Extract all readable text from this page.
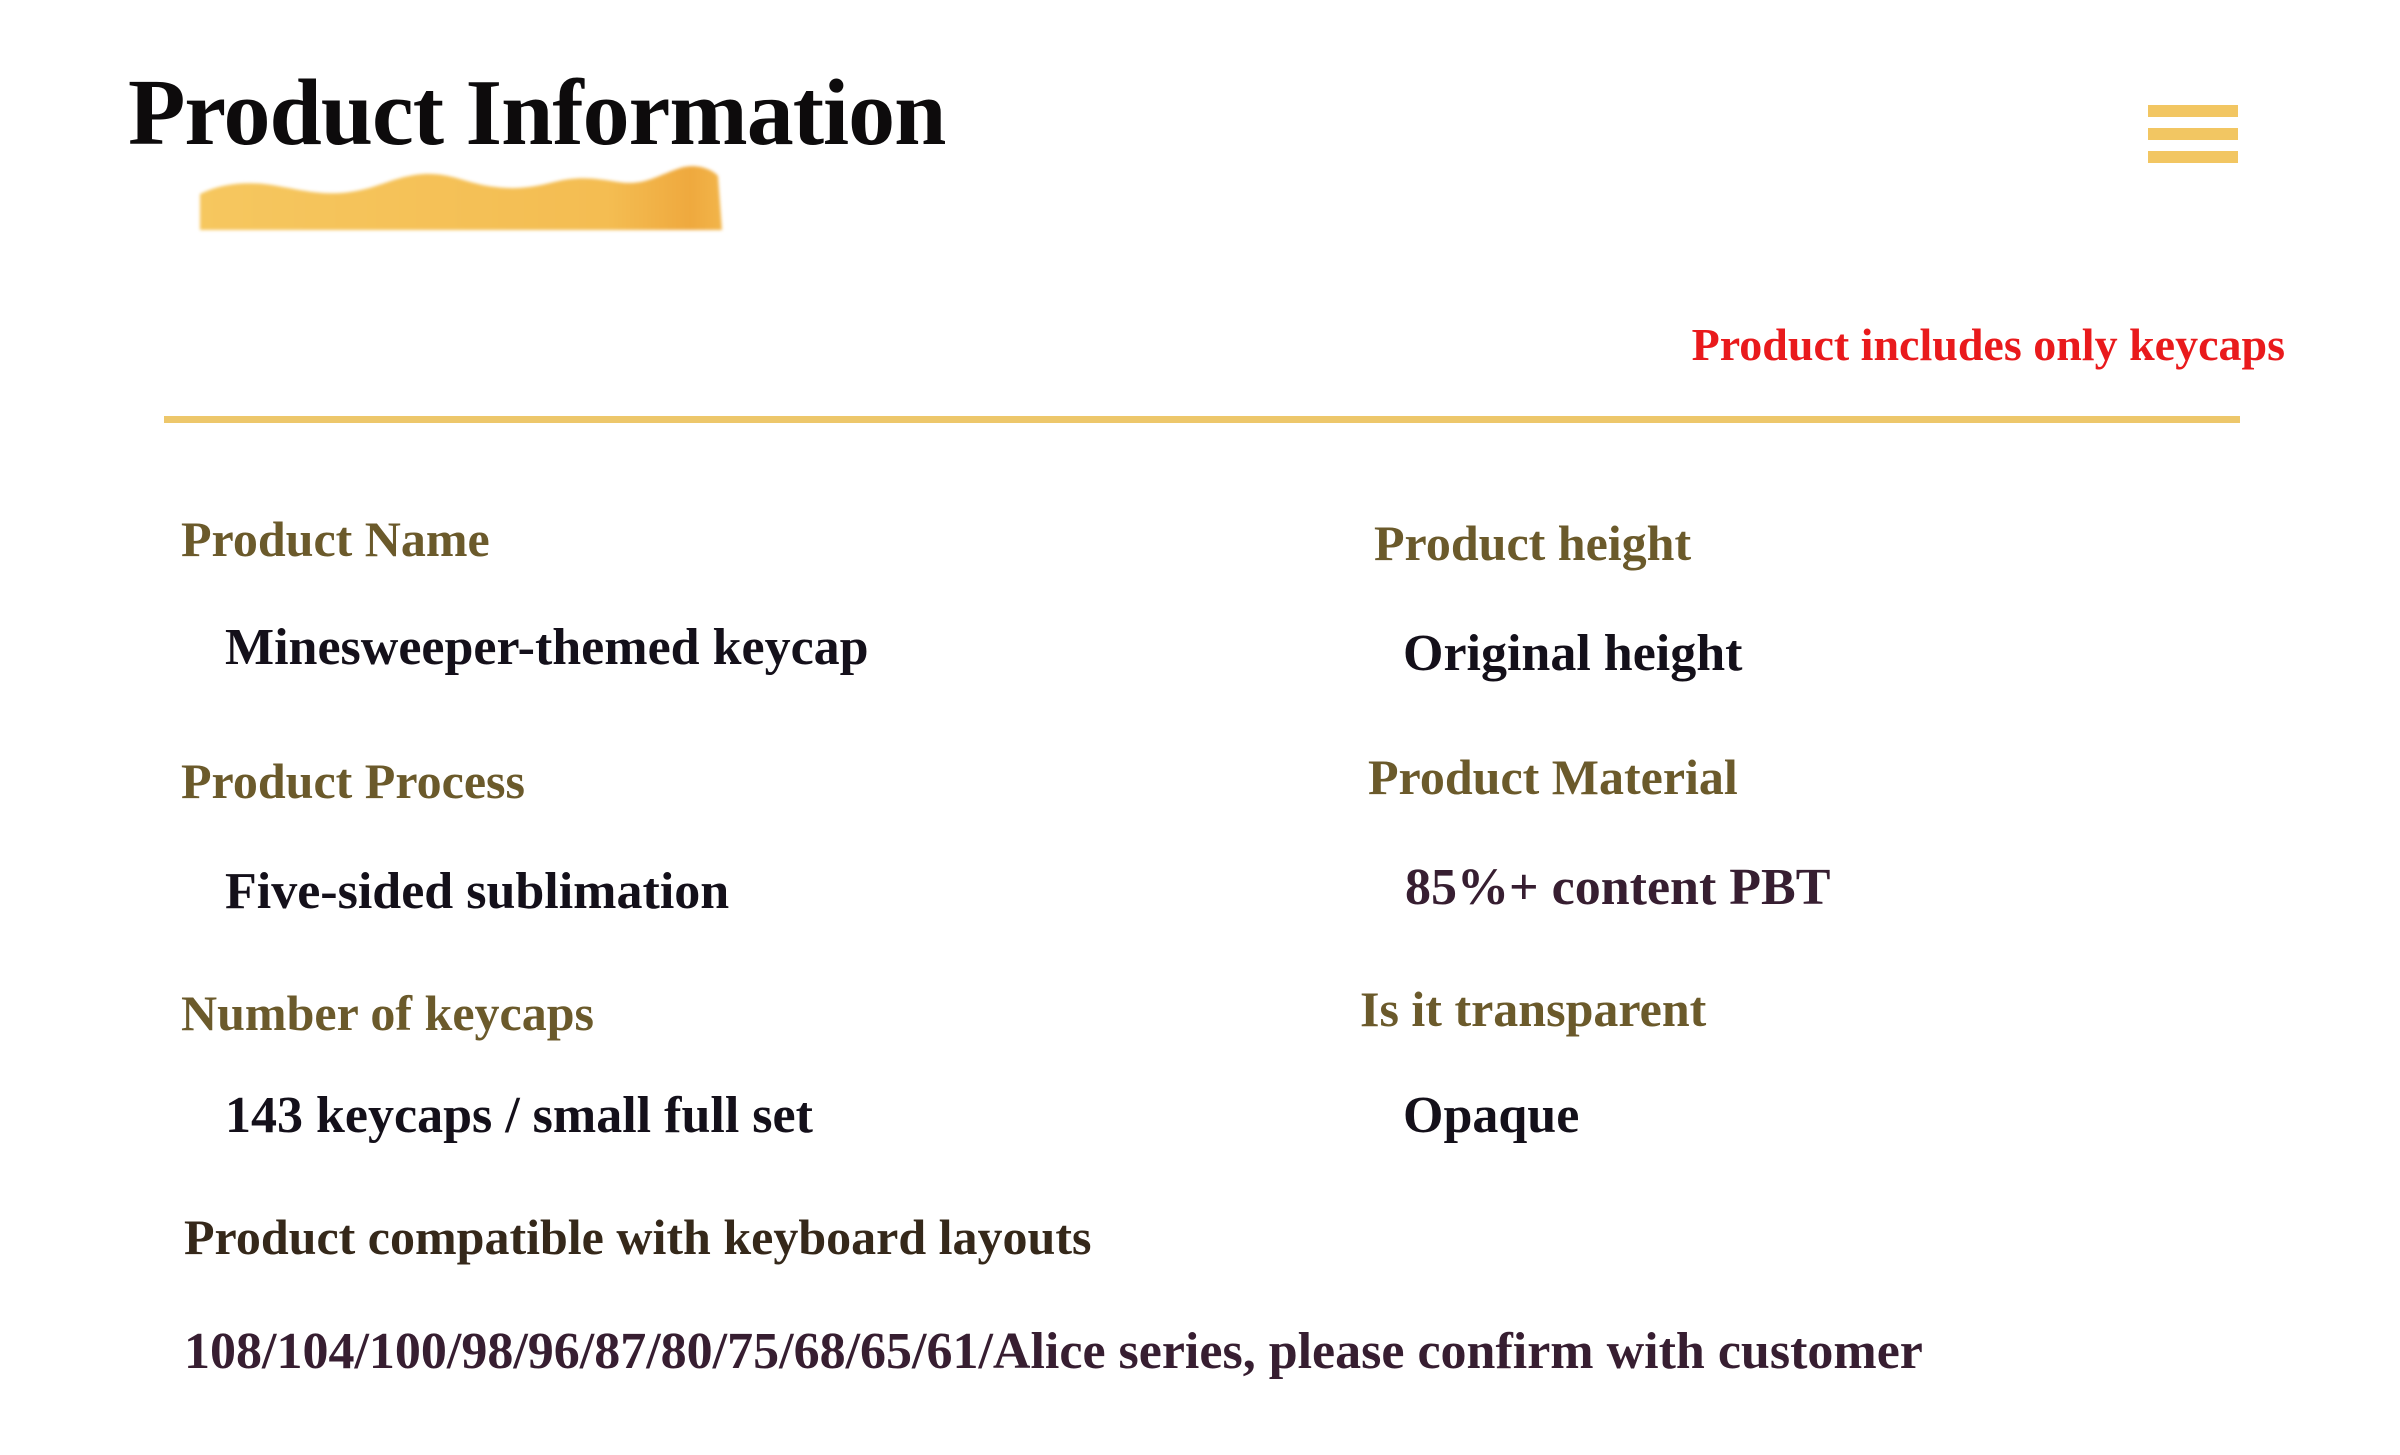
Product Information
Product includes only keycaps
Product Name
Minesweeper-themed keycap
Product Process
Five-sided sublimation
Number of keycaps
143 keycaps / small full set
Product compatible with keyboard layouts
108/104/100/98/96/87/80/75/68/65/61/Alice series, please confirm with customer
Product height
Original height
Product Material
85%+ content PBT
Is it transparent
Opaque
